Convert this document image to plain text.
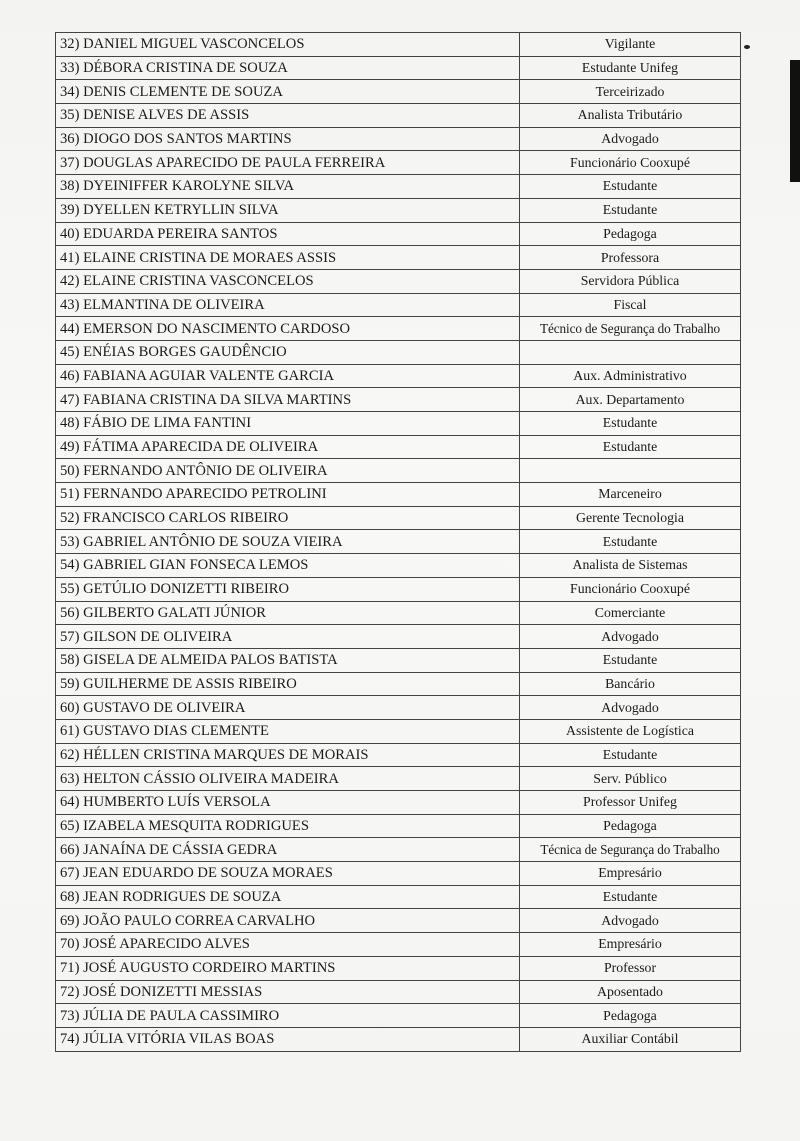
32) DANIEL MIGUEL VASCONCELOS	Vigilante
33) DÉBORA CRISTINA DE SOUZA	Estudante Unifeg
34) DENIS CLEMENTE DE SOUZA	Terceirizado
35) DENISE ALVES DE ASSIS	Analista Tributário
36) DIOGO DOS SANTOS MARTINS	Advogado
37) DOUGLAS APARECIDO DE PAULA FERREIRA	Funcionário Cooxupé
38) DYEINIFFER KAROLYNE SILVA	Estudante
39) DYELLEN KETRYLLIN SILVA	Estudante
40) EDUARDA PEREIRA SANTOS	Pedagoga
41) ELAINE CRISTINA DE MORAES ASSIS	Professora
42) ELAINE CRISTINA VASCONCELOS	Servidora Pública
43) ELMANTINA DE OLIVEIRA	Fiscal
44) EMERSON DO NASCIMENTO CARDOSO	Técnico de Segurança do Trabalho
45) ENÉIAS BORGES GAUDÊNCIO	
46) FABIANA AGUIAR VALENTE GARCIA	Aux. Administrativo
47) FABIANA CRISTINA DA SILVA MARTINS	Aux. Departamento
48) FÁBIO DE LIMA FANTINI	Estudante
49) FÁTIMA APARECIDA DE OLIVEIRA	Estudante
50) FERNANDO ANTÔNIO DE OLIVEIRA	
51) FERNANDO APARECIDO PETROLINI	Marceneiro
52) FRANCISCO CARLOS RIBEIRO	Gerente Tecnologia
53) GABRIEL ANTÔNIO DE SOUZA VIEIRA	Estudante
54) GABRIEL GIAN FONSECA LEMOS	Analista de Sistemas
55) GETÚLIO DONIZETTI RIBEIRO	Funcionário Cooxupé
56) GILBERTO GALATI JÚNIOR	Comerciante
57) GILSON DE OLIVEIRA	Advogado
58) GISELA DE ALMEIDA PALOS BATISTA	Estudante
59) GUILHERME DE ASSIS RIBEIRO	Bancário
60) GUSTAVO DE OLIVEIRA	Advogado
61) GUSTAVO DIAS CLEMENTE	Assistente de Logística
62) HÉLLEN CRISTINA MARQUES DE MORAIS	Estudante
63) HELTON CÁSSIO OLIVEIRA MADEIRA	Serv. Público
64) HUMBERTO LUÍS VERSOLA	Professor Unifeg
65) IZABELA MESQUITA RODRIGUES	Pedagoga
66) JANAÍNA DE CÁSSIA GEDRA	Técnica de Segurança do Trabalho
67) JEAN EDUARDO DE SOUZA MORAES	Empresário
68) JEAN RODRIGUES DE SOUZA	Estudante
69) JOÃO PAULO CORREA CARVALHO	Advogado
70) JOSÉ APARECIDO ALVES	Empresário
71) JOSÉ AUGUSTO CORDEIRO MARTINS	Professor
72) JOSÉ DONIZETTI MESSIAS	Aposentado
73) JÚLIA DE PAULA CASSIMIRO	Pedagoga
74) JÚLIA VITÓRIA VILAS BOAS	Auxiliar Contábil
